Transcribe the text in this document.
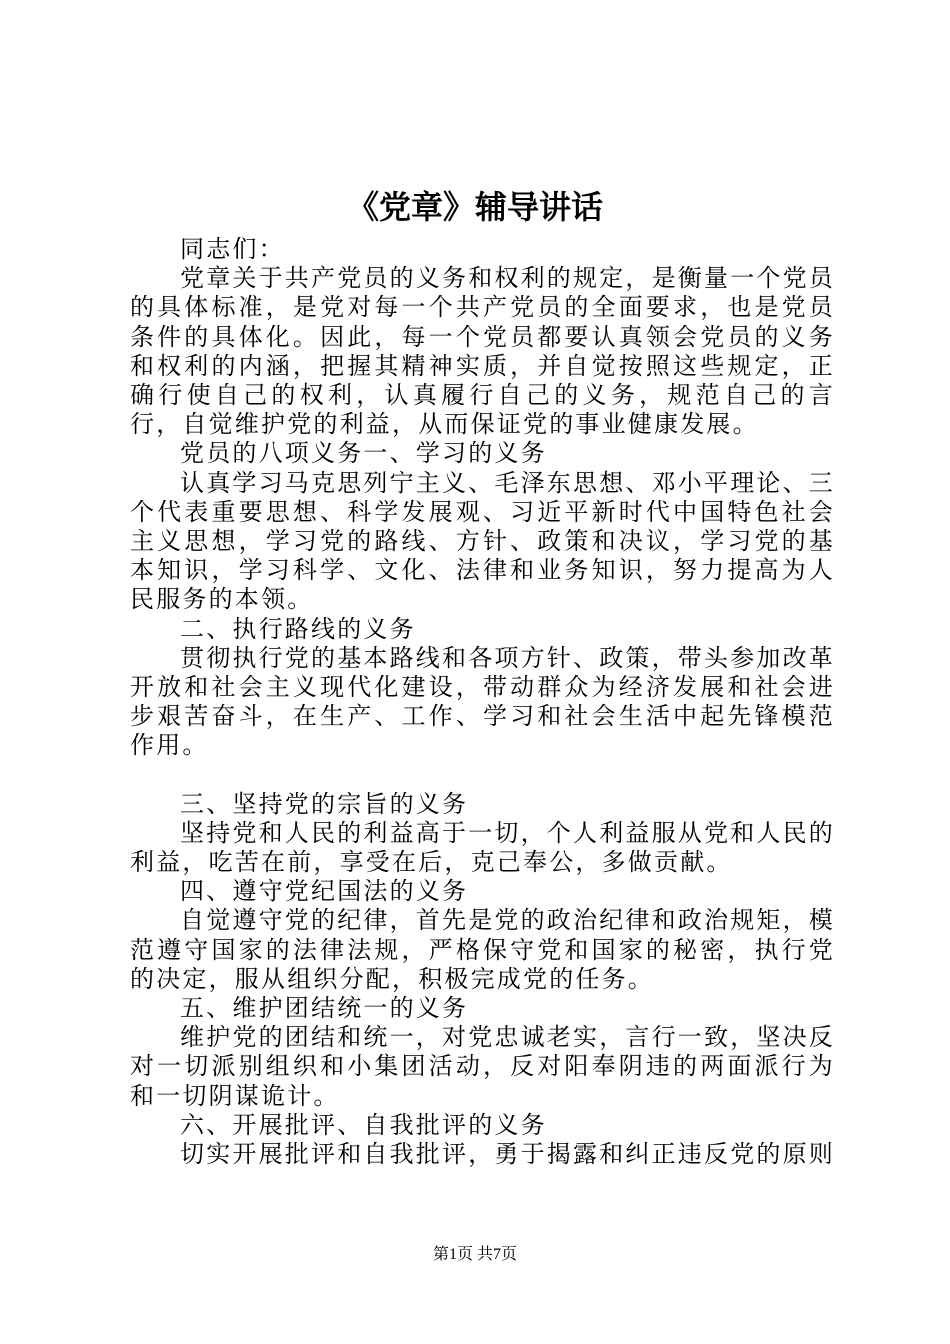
《党章》辅导讲话

同志们：

党章关于共产党员的义务和权利的规定，是衡量一个党员的具体标准，是党对每一个共产党员的全面要求，也是党员条件的具体化。因此，每一个党员都要认真领会党员的义务和权利的内涵，把握其精神实质，并自觉按照这些规定，正确行使自己的权利，认真履行自己的义务，规范自己的言行，自觉维护党的利益，从而保证党的事业健康发展。

党员的八项义务一、学习的义务

认真学习马克思列宁主义、毛泽东思想、邓小平理论、三个代表重要思想、科学发展观、习近平新时代中国特色社会主义思想，学习党的路线、方针、政策和决议，学习党的基本知识，学习科学、文化、法律和业务知识，努力提高为人民服务的本领。

二、执行路线的义务

贯彻执行党的基本路线和各项方针、政策，带头参加改革开放和社会主义现代化建设，带动群众为经济发展和社会进步艰苦奋斗，在生产、工作、学习和社会生活中起先锋模范作用。

三、坚持党的宗旨的义务

坚持党和人民的利益高于一切，个人利益服从党和人民的利益，吃苦在前，享受在后，克己奉公，多做贡献。

四、遵守党纪国法的义务

自觉遵守党的纪律，首先是党的政治纪律和政治规矩，模范遵守国家的法律法规，严格保守党和国家的秘密，执行党的决定，服从组织分配，积极完成党的任务。

五、维护团结统一的义务

维护党的团结和统一，对党忠诚老实，言行一致，坚决反对一切派别组织和小集团活动，反对阳奉阴违的两面派行为和一切阴谋诡计。

六、开展批评、自我批评的义务

切实开展批评和自我批评，勇于揭露和纠正违反党的原则

第1页 共7页
